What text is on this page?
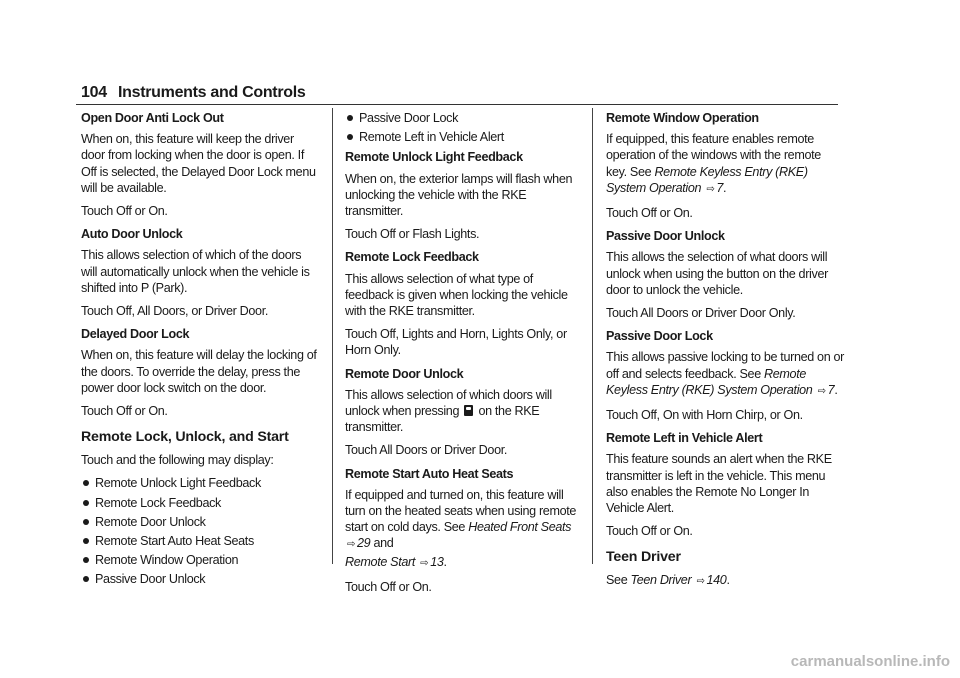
104 Instruments and Controls

Open Door Anti Lock Out

When on, this feature will keep the driver door from locking when the door is open. If Off is selected, the Delayed Door Lock menu will be available.

Touch Off or On.

Auto Door Unlock

This allows selection of which of the doors will automatically unlock when the vehicle is shifted into P (Park).

Touch Off, All Doors, or Driver Door.

Delayed Door Lock

When on, this feature will delay the locking of the doors. To override the delay, press the power door lock switch on the door.

Touch Off or On.

Remote Lock, Unlock, and Start

Touch and the following may display:

Remote Unlock Light Feedback
Remote Lock Feedback
Remote Door Unlock
Remote Start Auto Heat Seats
Remote Window Operation
Passive Door Unlock
Passive Door Lock
Remote Left in Vehicle Alert

Remote Unlock Light Feedback

When on, the exterior lamps will flash when unlocking the vehicle with the RKE transmitter.

Touch Off or Flash Lights.

Remote Lock Feedback

This allows selection of what type of feedback is given when locking the vehicle with the RKE transmitter.

Touch Off, Lights and Horn, Lights Only, or Horn Only.

Remote Door Unlock

This allows selection of which doors will unlock when pressing on the RKE transmitter.

Touch All Doors or Driver Door.

Remote Start Auto Heat Seats

If equipped and turned on, this feature will turn on the heated seats when using remote start on cold days. See Heated Front Seats ⇨ 29 and
Remote Start ⇨ 13.

Touch Off or On.

Remote Window Operation

If equipped, this feature enables remote operation of the windows with the remote key. See Remote Keyless Entry (RKE) System Operation ⇨ 7.

Touch Off or On.

Passive Door Unlock

This allows the selection of what doors will unlock when using the button on the driver door to unlock the vehicle.

Touch All Doors or Driver Door Only.

Passive Door Lock

This allows passive locking to be turned on or off and selects feedback. See Remote Keyless Entry (RKE) System Operation ⇨ 7.

Touch Off, On with Horn Chirp, or On.

Remote Left in Vehicle Alert

This feature sounds an alert when the RKE transmitter is left in the vehicle. This menu also enables the Remote No Longer In Vehicle Alert.

Touch Off or On.

Teen Driver

See Teen Driver ⇨ 140.

carmanualsonline.info
